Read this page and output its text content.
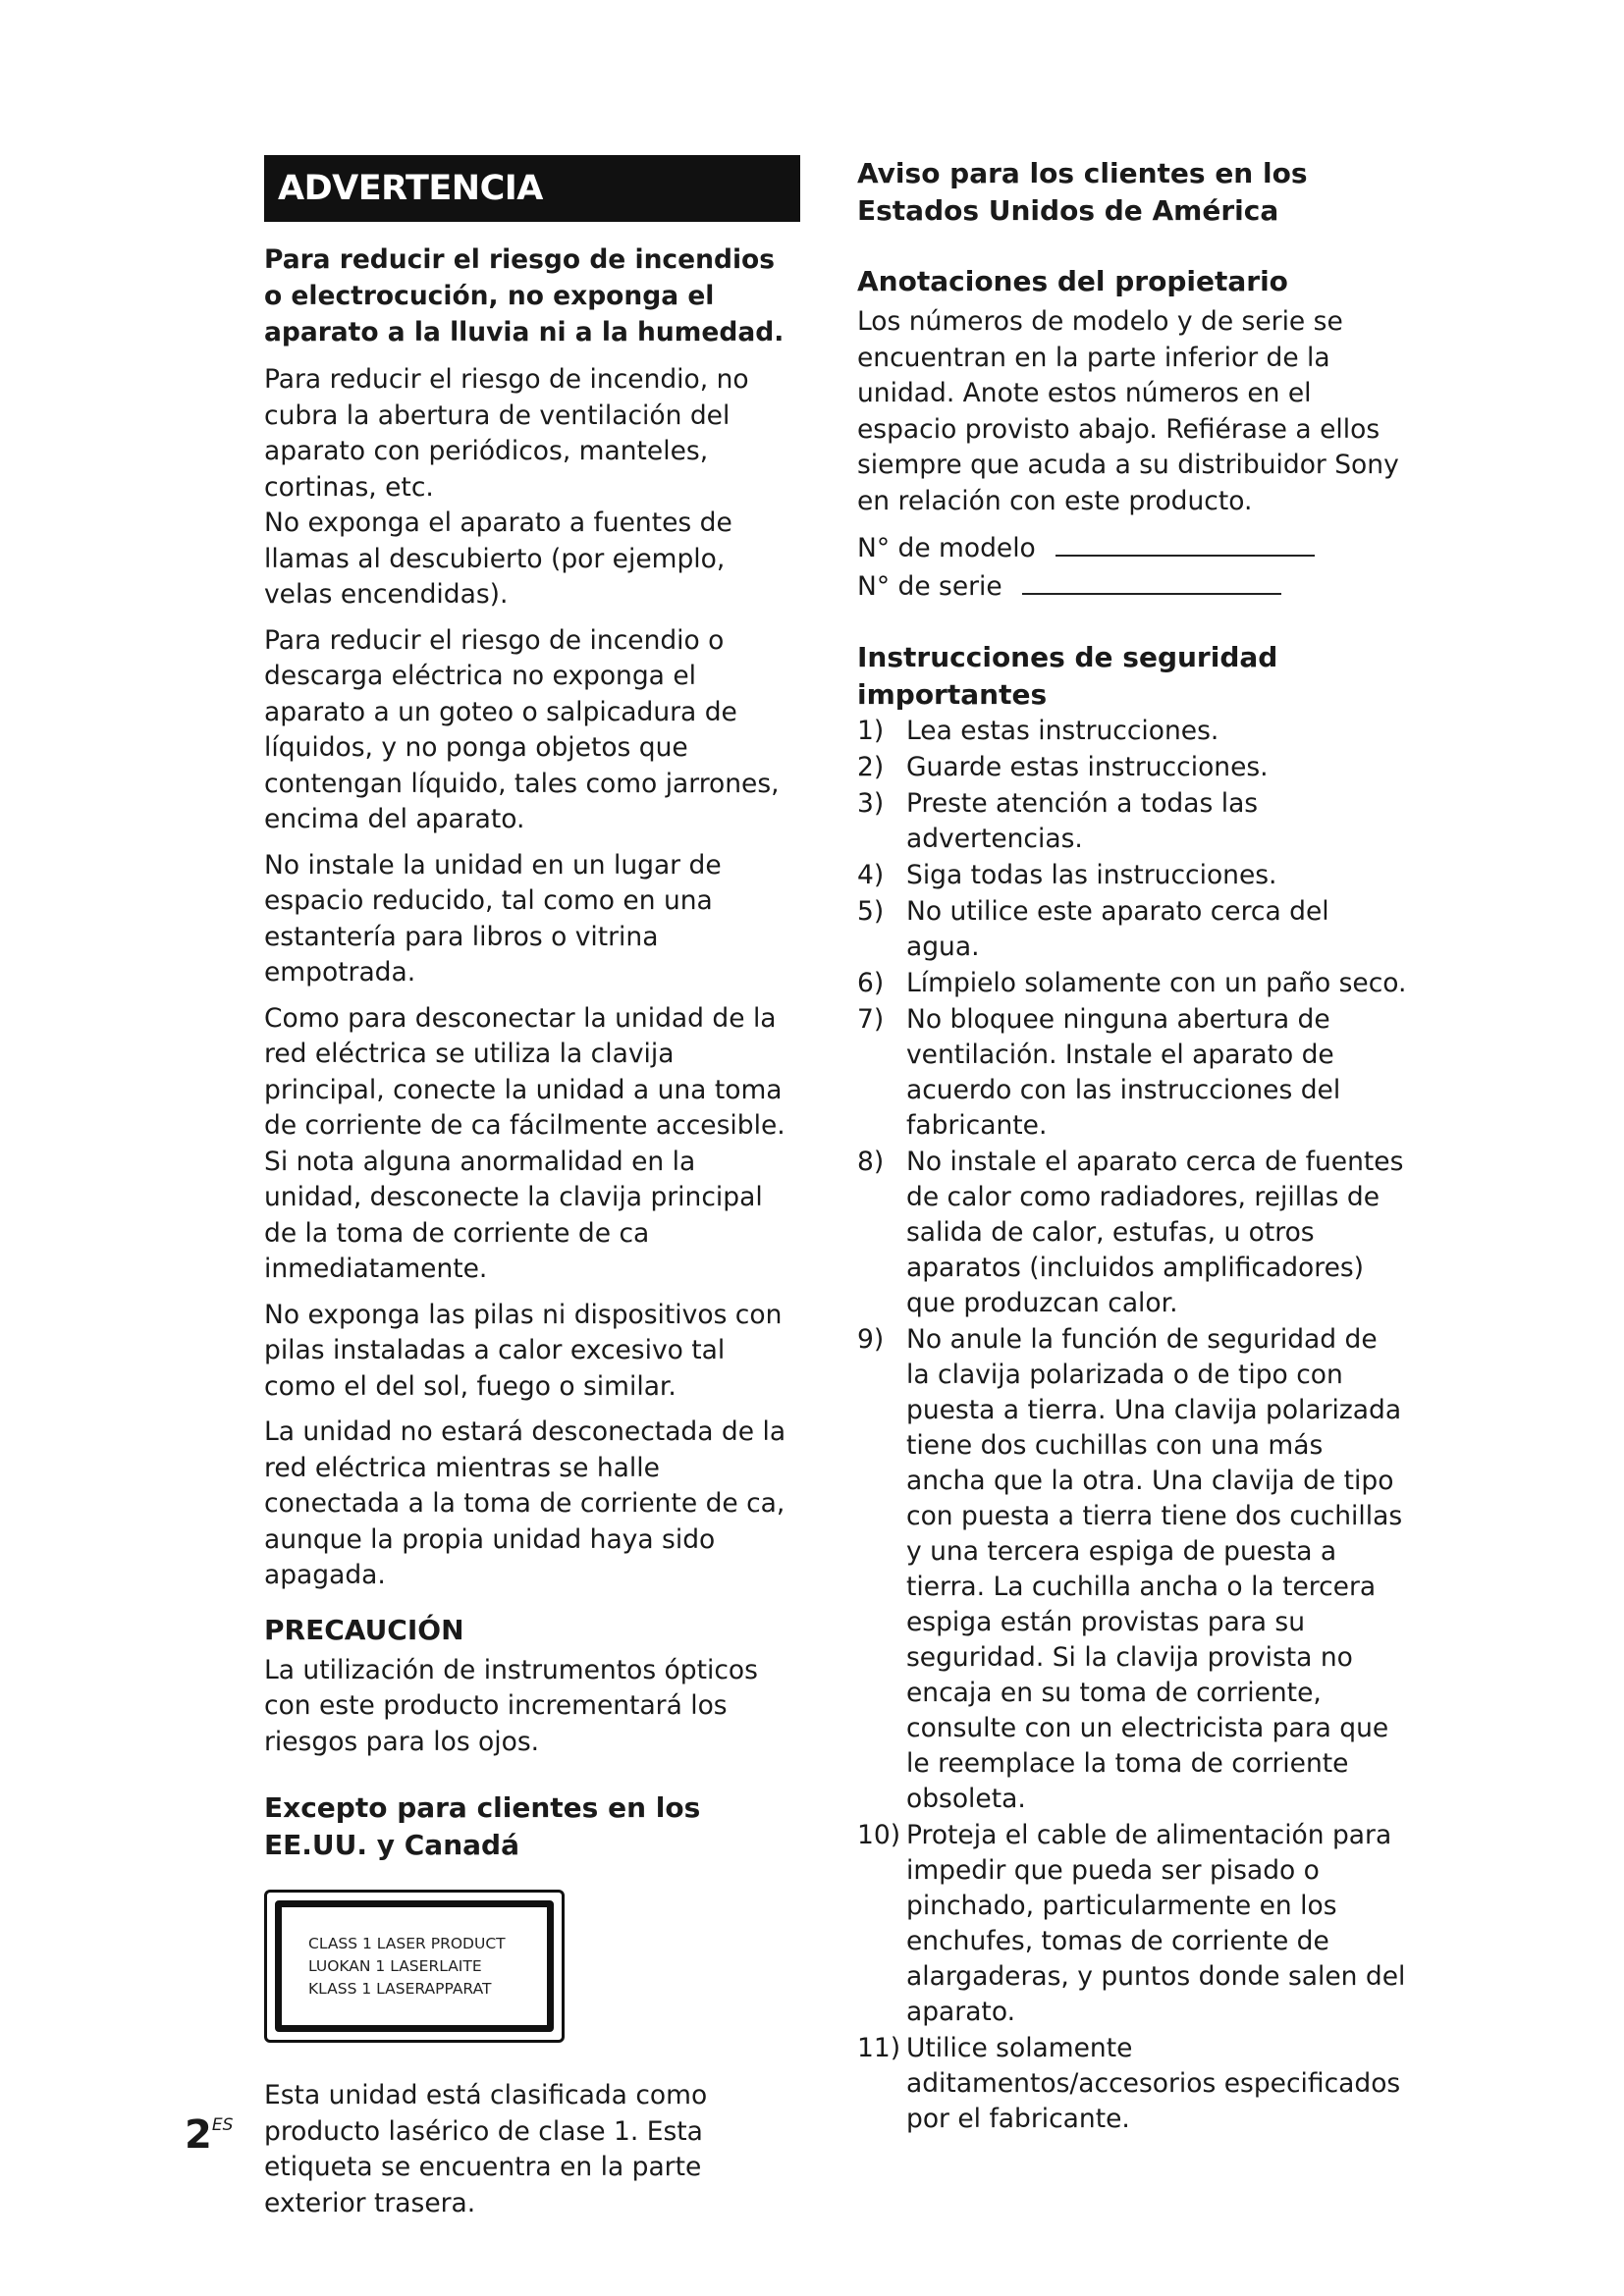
ADVERTENCIA
Para reducir el riesgo de incendios o electrocución, no exponga el aparato a la lluvia ni a la humedad.

Para reducir el riesgo de incendio, no cubra la abertura de ventilación del aparato con periódicos, manteles, cortinas, etc.

No exponga el aparato a fuentes de llamas al descubierto (por ejemplo, velas encendidas).

Para reducir el riesgo de incendio o descarga eléctrica no exponga el aparato a un goteo o salpicadura de líquidos, y no ponga objetos que contengan líquido, tales como jarrones, encima del aparato.

No instale la unidad en un lugar de espacio reducido, tal como en una estantería para libros o vitrina empotrada.

Como para desconectar la unidad de la red eléctrica se utiliza la clavija principal, conecte la unidad a una toma de corriente de ca fácilmente accesible. Si nota alguna anormalidad en la unidad, desconecte la clavija principal de la toma de corriente de ca inmediatamente.

No exponga las pilas ni dispositivos con pilas instaladas a calor excesivo tal como el del sol, fuego o similar.

La unidad no estará desconectada de la red eléctrica mientras se halle conectada a la toma de corriente de ca, aunque la propia unidad haya sido apagada.

PRECAUCIÓN

La utilización de instrumentos ópticos con este producto incrementará los riesgos para los ojos.

Excepto para clientes en los EE.UU. y Canadá
CLASS 1 LASER PRODUCT
LUOKAN 1 LASERLAITE
KLASS 1 LASERAPPARAT

Esta unidad está clasificada como producto lasérico de clase 1. Esta etiqueta se encuentra en la parte exterior trasera.

Aviso para los clientes en los Estados Unidos de América
Anotaciones del propietario

Los números de modelo y de serie se encuentran en la parte inferior de la unidad. Anote estos números en el espacio provisto abajo. Refiérase a ellos siempre que acuda a su distribuidor Sony en relación con este producto.

N° de modelo
N° de serie
Instrucciones de seguridad importantes
1) Lea estas instrucciones.
2) Guarde estas instrucciones.
3) Preste atención a todas las advertencias.
4) Siga todas las instrucciones.
5) No utilice este aparato cerca del agua.
6) Límpielo solamente con un paño seco.
7) No bloquee ninguna abertura de ventilación. Instale el aparato de acuerdo con las instrucciones del fabricante.
8) No instale el aparato cerca de fuentes de calor como radiadores, rejillas de salida de calor, estufas, u otros aparatos (incluidos amplificadores) que produzcan calor.
9) No anule la función de seguridad de la clavija polarizada o de tipo con puesta a tierra. Una clavija polarizada tiene dos cuchillas con una más ancha que la otra. Una clavija de tipo con puesta a tierra tiene dos cuchillas y una tercera espiga de puesta a tierra. La cuchilla ancha o la tercera espiga están provistas para su seguridad. Si la clavija provista no encaja en su toma de corriente, consulte con un electricista para que le reemplace la toma de corriente obsoleta.
10) Proteja el cable de alimentación para impedir que pueda ser pisado o pinchado, particularmente en los enchufes, tomas de corriente de alargaderas, y puntos donde salen del aparato.
11) Utilice solamente aditamentos/accesorios especificados por el fabricante.
$2^{ES}$
